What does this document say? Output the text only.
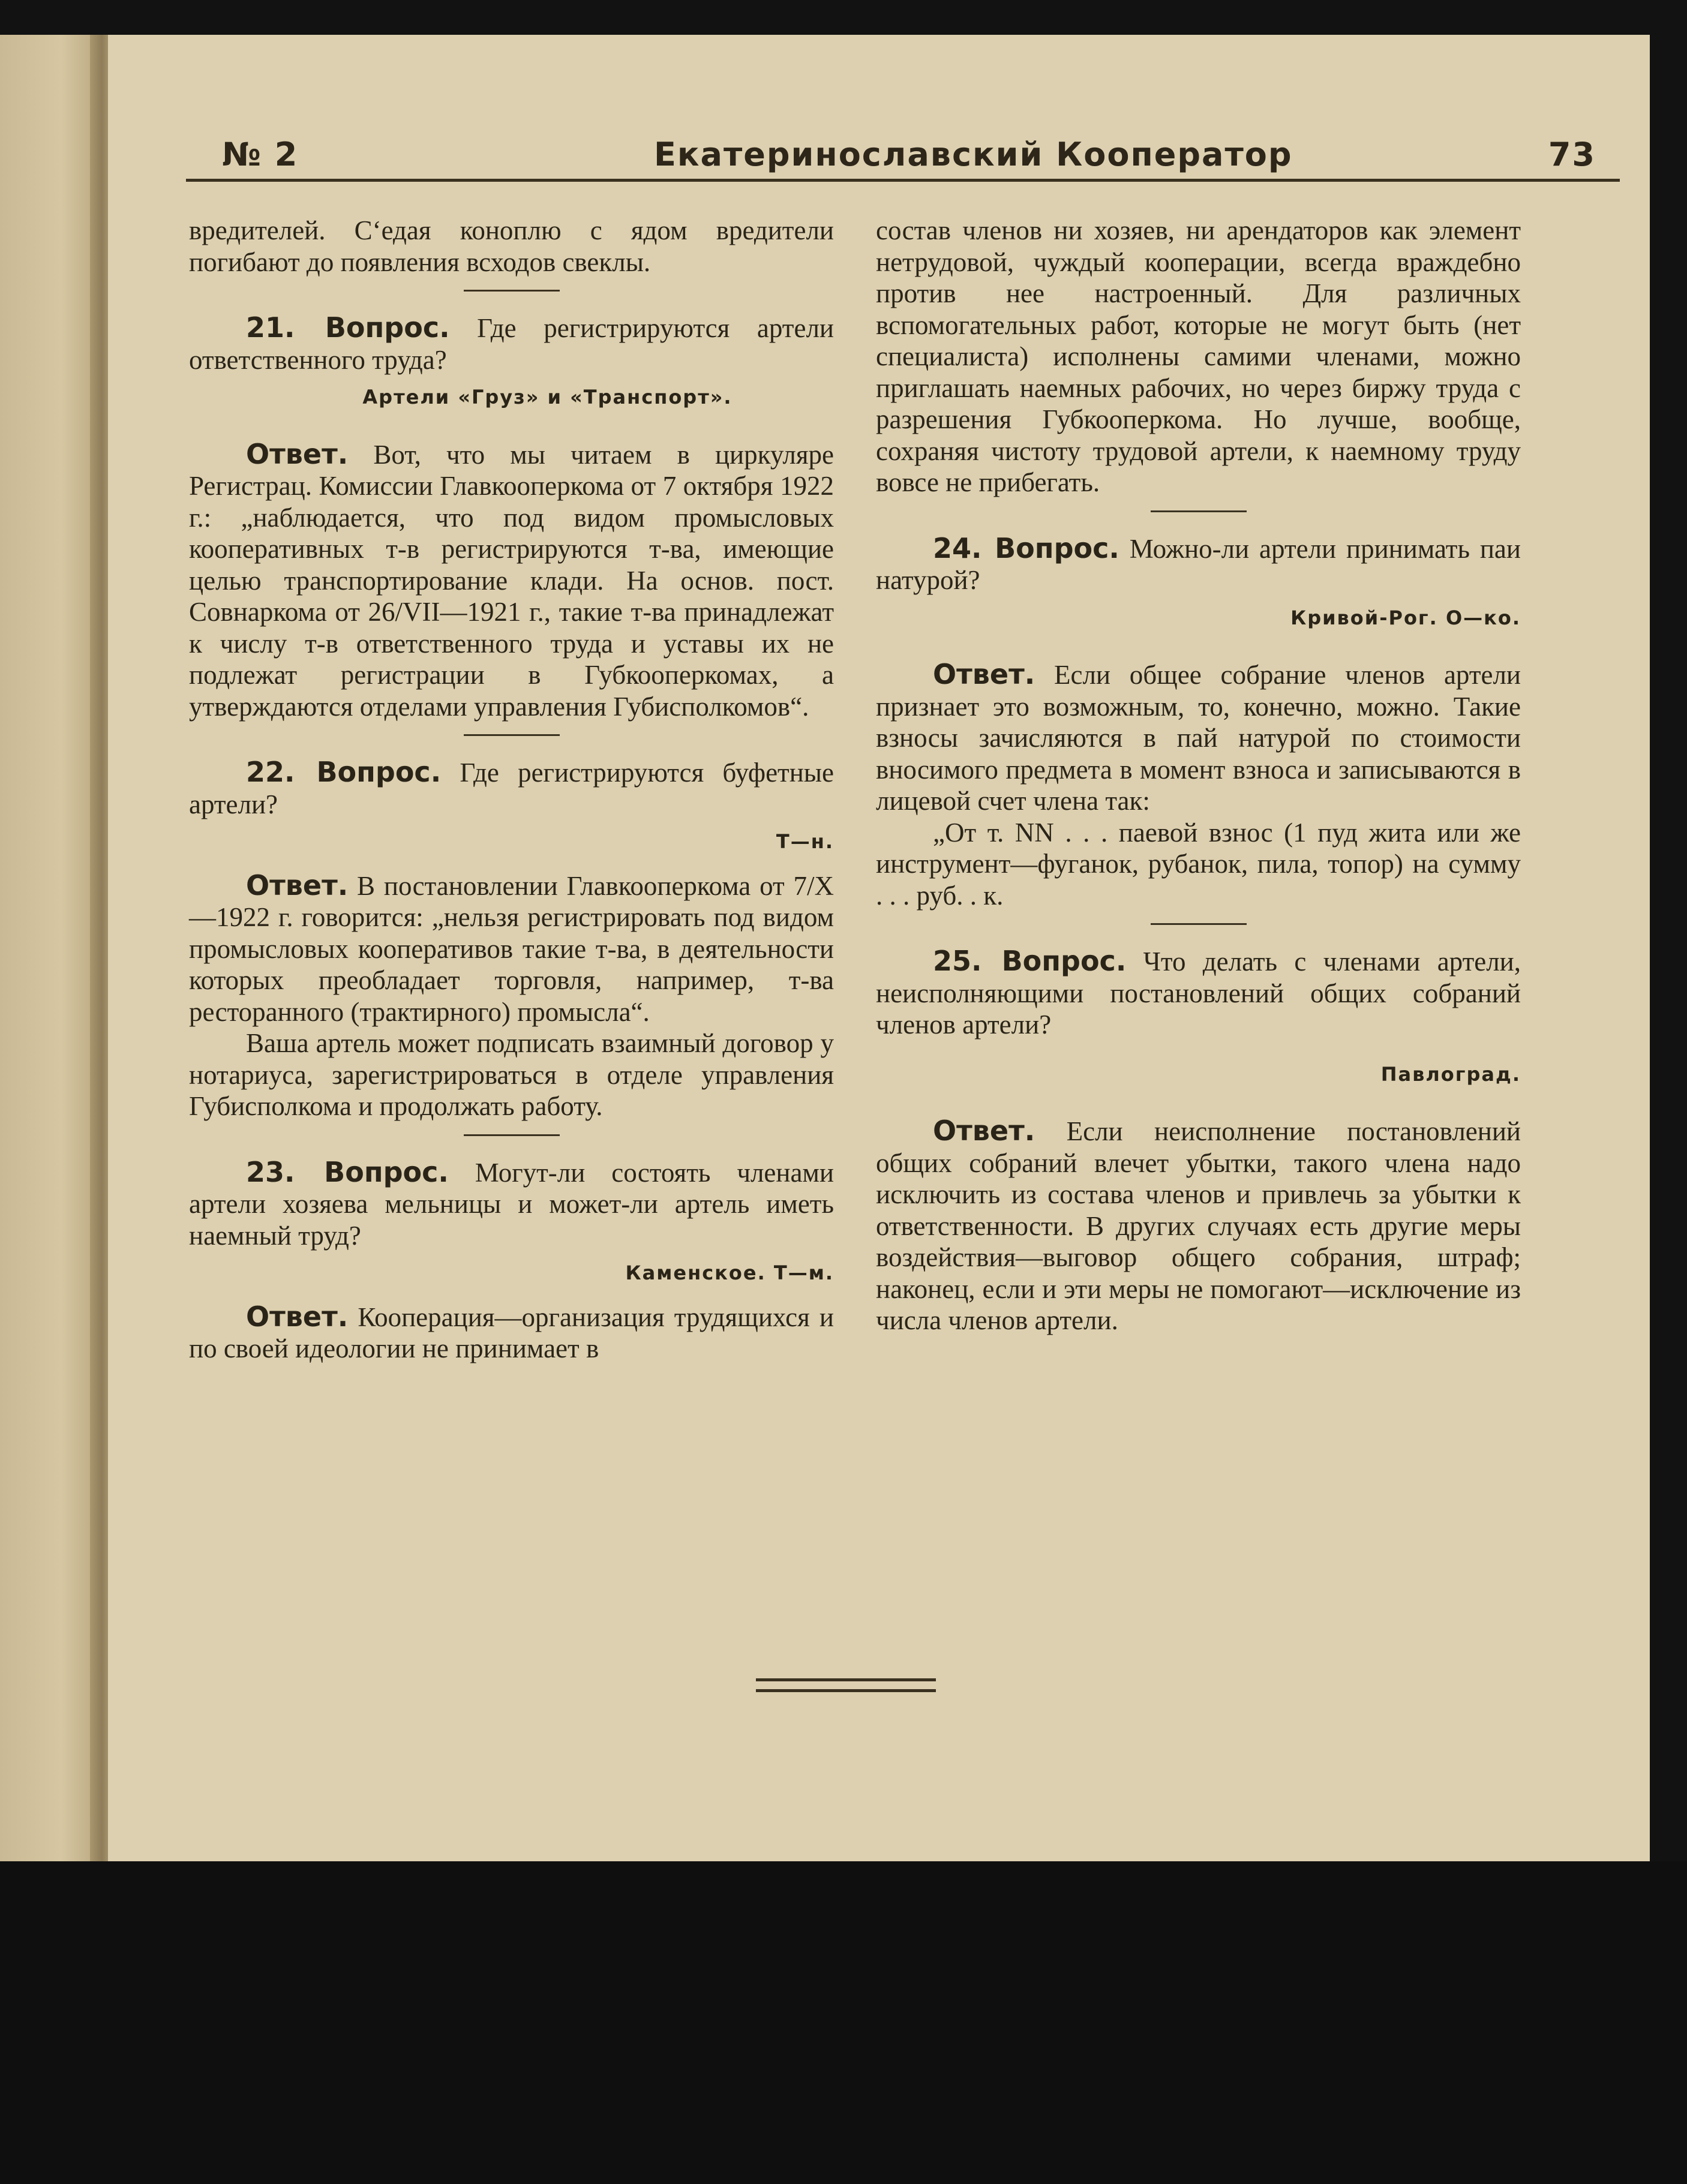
№ 2	Екатеринославский Кооператор	73

вредителей. С‘едая коноплю с ядом вредители погибают до появления всходов свеклы.

21. Вопрос. Где регистрируются артели ответственного труда?

Артели «Груз» и «Транспорт».

Ответ. Вот, что мы читаем в циркуляре Регистрац. Комиссии Главкооперкома от 7 октября 1922 г.: „наблюдается, что под видом промысловых кооперативных т-в регистрируются т-ва, имеющие целью транспортирование клади. На основ. пост. Совнаркома от 26/VII—1921 г., такие т-ва принадлежат к числу т-в ответственного труда и уставы их не подлежат регистрации в Губкооперкомах, а утверждаются отделами управления Губисполкомов“.

22. Вопрос. Где регистрируются буфетные артели?

Т—н.

Ответ. В постановлении Главкооперкома от 7/X—1922 г. говорится: „нельзя регистрировать под видом промысловых кооперативов такие т-ва, в деятельности которых преобладает торговля, например, т-ва ресторанного (трактирного) промысла“.

Ваша артель может подписать взаимный договор у нотариуса, зарегистрироваться в отделе управления Губисполкома и продолжать работу.

23. Вопрос. Могут-ли состоять членами артели хозяева мельницы и может-ли артель иметь наемный труд?

Каменское. Т—м.

Ответ. Кооперация—организация трудящихся и по своей идеологии не принимает в

состав членов ни хозяев, ни арендаторов как элемент нетрудовой, чуждый кооперации, всегда враждебно против нее настроенный. Для различных вспомогательных работ, которые не могут быть (нет специалиста) исполнены самими членами, можно приглашать наемных рабочих, но через биржу труда с разрешения Губкооперкома. Но лучше, вообще, сохраняя чистоту трудовой артели, к наемному труду вовсе не прибегать.

24. Вопрос. Можно-ли артели принимать паи натурой?

Кривой-Рог. О—ко.

Ответ. Если общее собрание членов артели признает это возможным, то, конечно, можно. Такие взносы зачисляются в пай натурой по стоимости вносимого предмета в момент взноса и записываются в лицевой счет члена так:

„От т. NN . . . паевой взнос (1 пуд жита или же инструмент—фуганок, рубанок, пила, топор) на сумму . . . руб. . к.

25. Вопрос. Что делать с членами артели, неисполняющими постановлений общих собраний членов артели?

Павлоград.

Ответ. Если неисполнение постановлений общих собраний влечет убытки, такого члена надо исключить из состава членов и привлечь за убытки к ответственности. В других случаях есть другие меры воздействия—выговор общего собрания, штраф; наконец, если и эти меры не помогают—исключение из числа членов артели.
